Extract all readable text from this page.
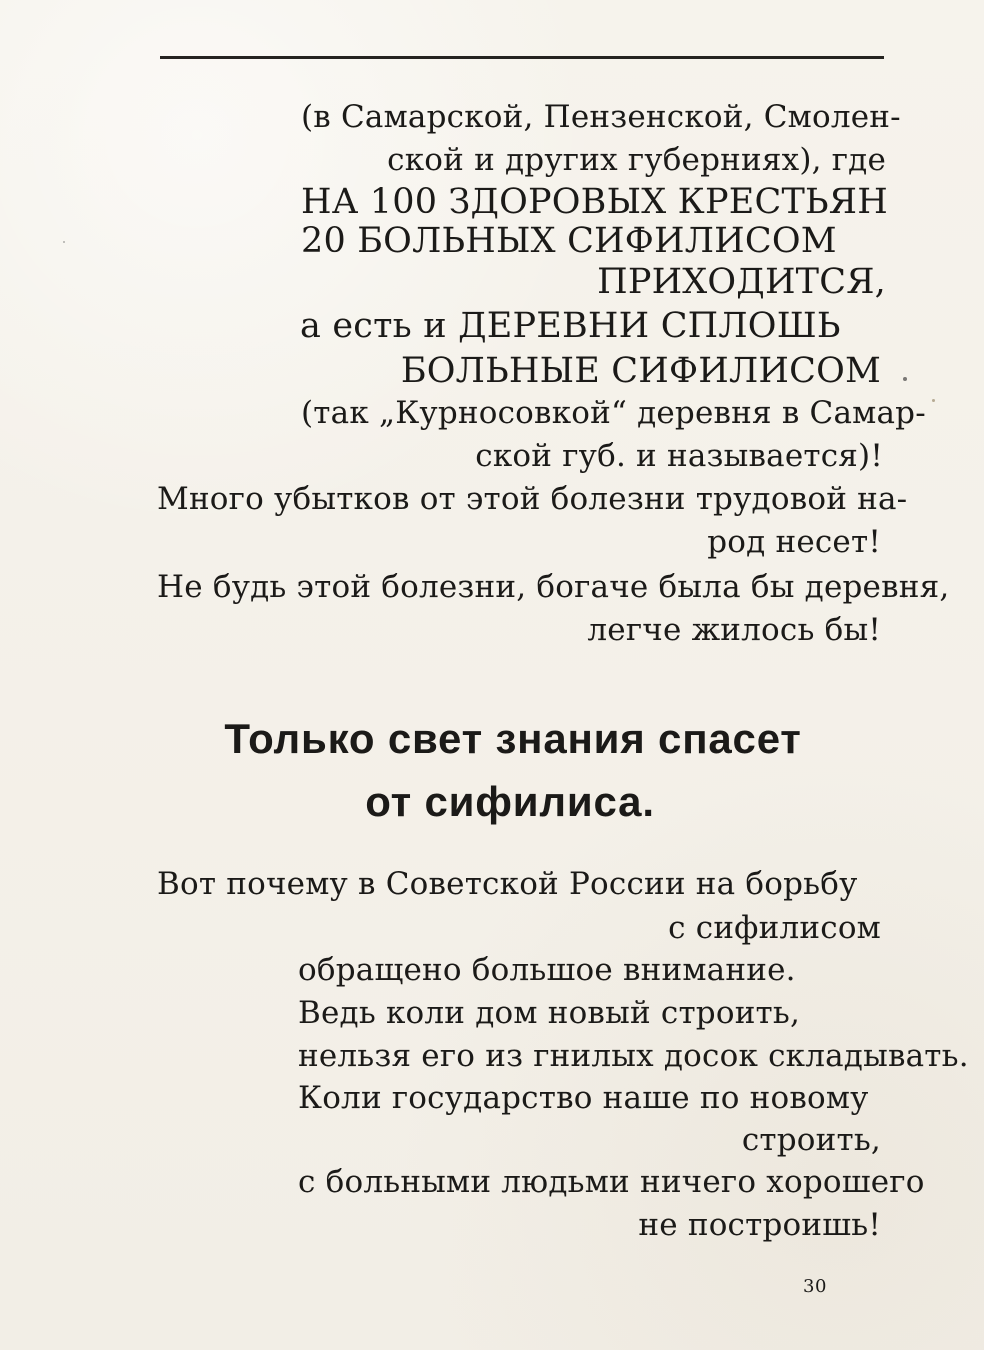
(в Самарской, Пензенской, Смолен-
ской и других губерниях), где
НА 100 ЗДОРОВЫХ КРЕСТЬЯН
20 БОЛЬНЫХ СИФИЛИСОМ
ПРИХОДИТСЯ,
а есть и ДЕРЕВНИ СПЛОШЬ
БОЛЬНЫЕ СИФИЛИСОМ
(так „Курносовкой“ деревня в Самар-
ской губ. и называется)!
Много убытков от этой болезни трудовой на-
род несет!
Не будь этой болезни, богаче была бы деревня,
легче жилось бы!
Только свет знания спасет
от сифилиса.
Вот почему в Советской России на борьбу
с сифилисом
обращено большое внимание.
Ведь коли дом новый строить,
нельзя его из гнилых досок складывать.
Коли государство наше по новому
строить,
с больными людьми ничего хорошего
не построишь!
30
